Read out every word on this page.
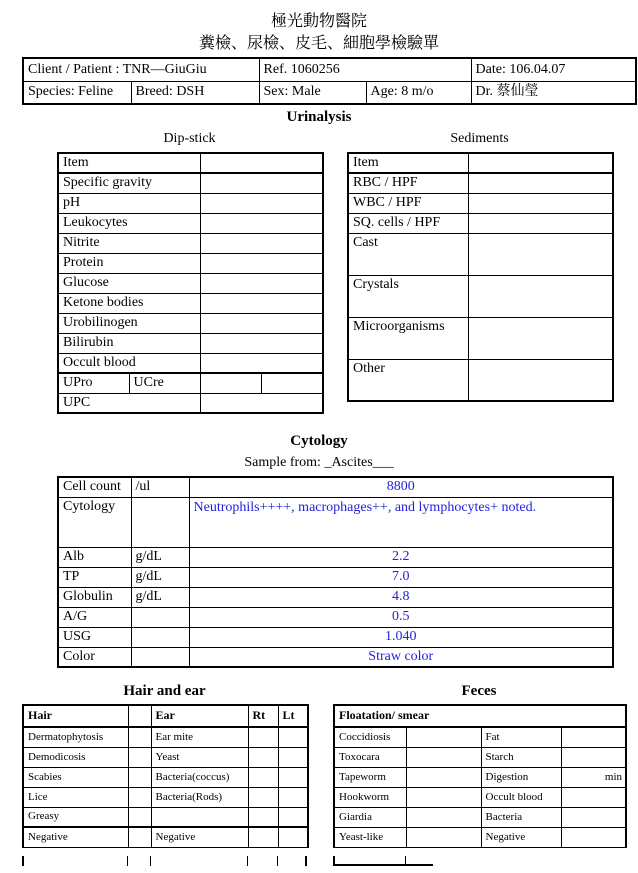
極光動物醫院
糞檢、尿檢、皮毛、細胞學檢驗單
Client / Patient : TNR—GiuGiu		Ref. 1060256		Date: 106.04.07
Species: Feline	Breed: DSH	Sex: Male	Age: 8 m/o	Dr. 蔡仙瑩
Urinalysis
Dip-stick	Sediments
Item			
Specific gravity			
pH			
Leukocytes			
Nitrite			
Protein			
Glucose			
Ketone bodies			
Urobilinogen			
Bilirubin			
Occult blood			
UPro	UCre		
UPC			
Item	
RBC / HPF	
WBC / HPF	
SQ. cells / HPF	
Cast	
Crystals	
Microorganisms	
Other	
Cytology
Sample from: _Ascites___
Cell count	/ul	8800
Cytology		Neutrophils++++, macrophages++, and lymphocytes+ noted.
Alb	g/dL	2.2
TP	g/dL	7.0
Globulin	g/dL	4.8
A/G		0.5
USG		1.040
Color		Straw color
Hair and ear	Feces
Hair		Ear	Rt	Lt
Dermatophytosis		Ear mite		
Demodicosis		Yeast		
Scabies		Bacteria(coccus)		
Lice		Bacteria(Rods)		
Greasy				
Negative		Negative		
Floatation/ smear			
Coccidiosis		Fat	
Toxocara		Starch	
Tapeworm		Digestion	min
Hookworm		Occult blood	
Giardia		Bacteria	
Yeast-like		Negative	
